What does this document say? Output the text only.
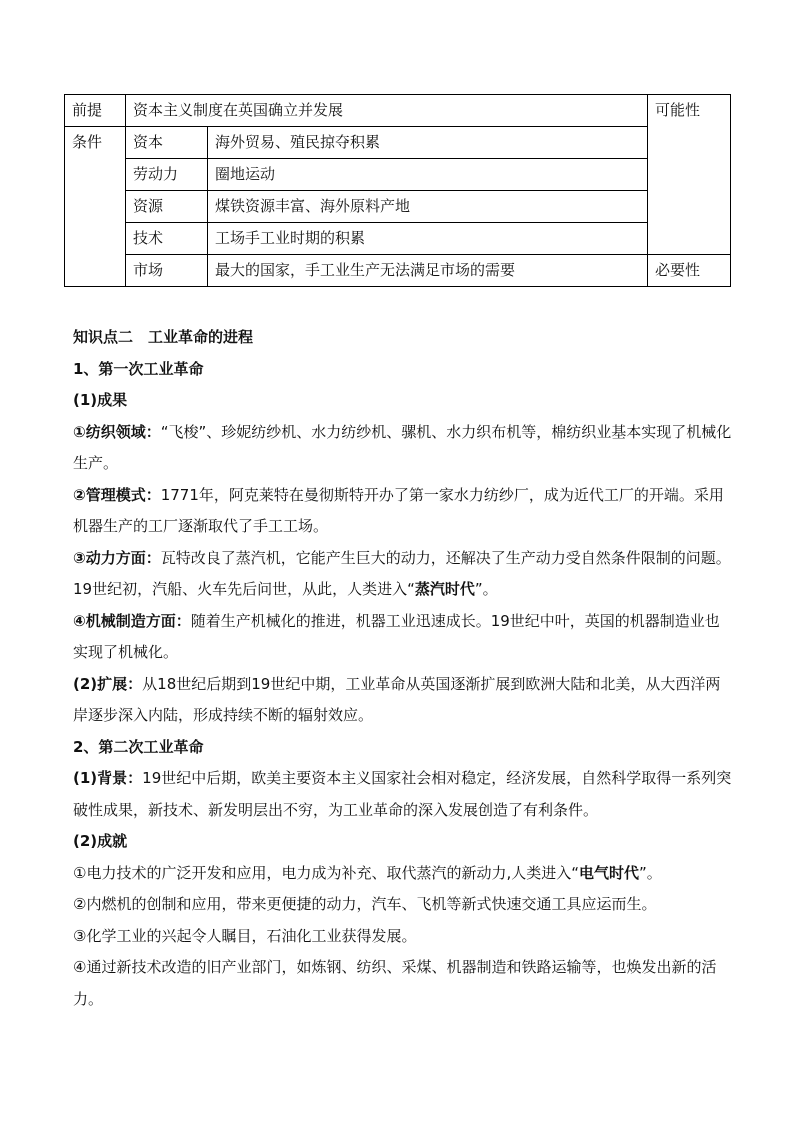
前提	资本主义制度在英国确立并发展		可能性
条件	资本	海外贸易、殖民掠夺积累	
	劳动力	圈地运动	
	资源	煤铁资源丰富、海外原料产地	
	技术	工场手工业时期的积累	
	市场	最大的国家，手工业生产无法满足市场的需要	必要性

知识点二　工业革命的进程

1、第一次工业革命

(1)成果

①纺织领域：“飞梭”、珍妮纺纱机、水力纺纱机、骡机、水力织布机等，棉纺织业基本实现了机械化生产。

②管理模式：1771年，阿克莱特在曼彻斯特开办了第一家水力纺纱厂，成为近代工厂的开端。采用机器生产的工厂逐渐取代了手工工场。

③动力方面：瓦特改良了蒸汽机，它能产生巨大的动力，还解决了生产动力受自然条件限制的问题。19世纪初，汽船、火车先后问世，从此，人类进入“蒸汽时代”。

④机械制造方面：随着生产机械化的推进，机器工业迅速成长。19世纪中叶，英国的机器制造业也实现了机械化。

(2)扩展：从18世纪后期到19世纪中期，工业革命从英国逐渐扩展到欧洲大陆和北美，从大西洋两岸逐步深入内陆，形成持续不断的辐射效应。

2、第二次工业革命

(1)背景：19世纪中后期，欧美主要资本主义国家社会相对稳定，经济发展，自然科学取得一系列突破性成果，新技术、新发明层出不穷，为工业革命的深入发展创造了有利条件。

(2)成就

①电力技术的广泛开发和应用，电力成为补充、取代蒸汽的新动力,人类进入“电气时代”。

②内燃机的创制和应用，带来更便捷的动力，汽车、飞机等新式快速交通工具应运而生。

③化学工业的兴起令人瞩目，石油化工业获得发展。

④通过新技术改造的旧产业部门，如炼钢、纺织、采煤、机器制造和铁路运输等，也焕发出新的活力。
